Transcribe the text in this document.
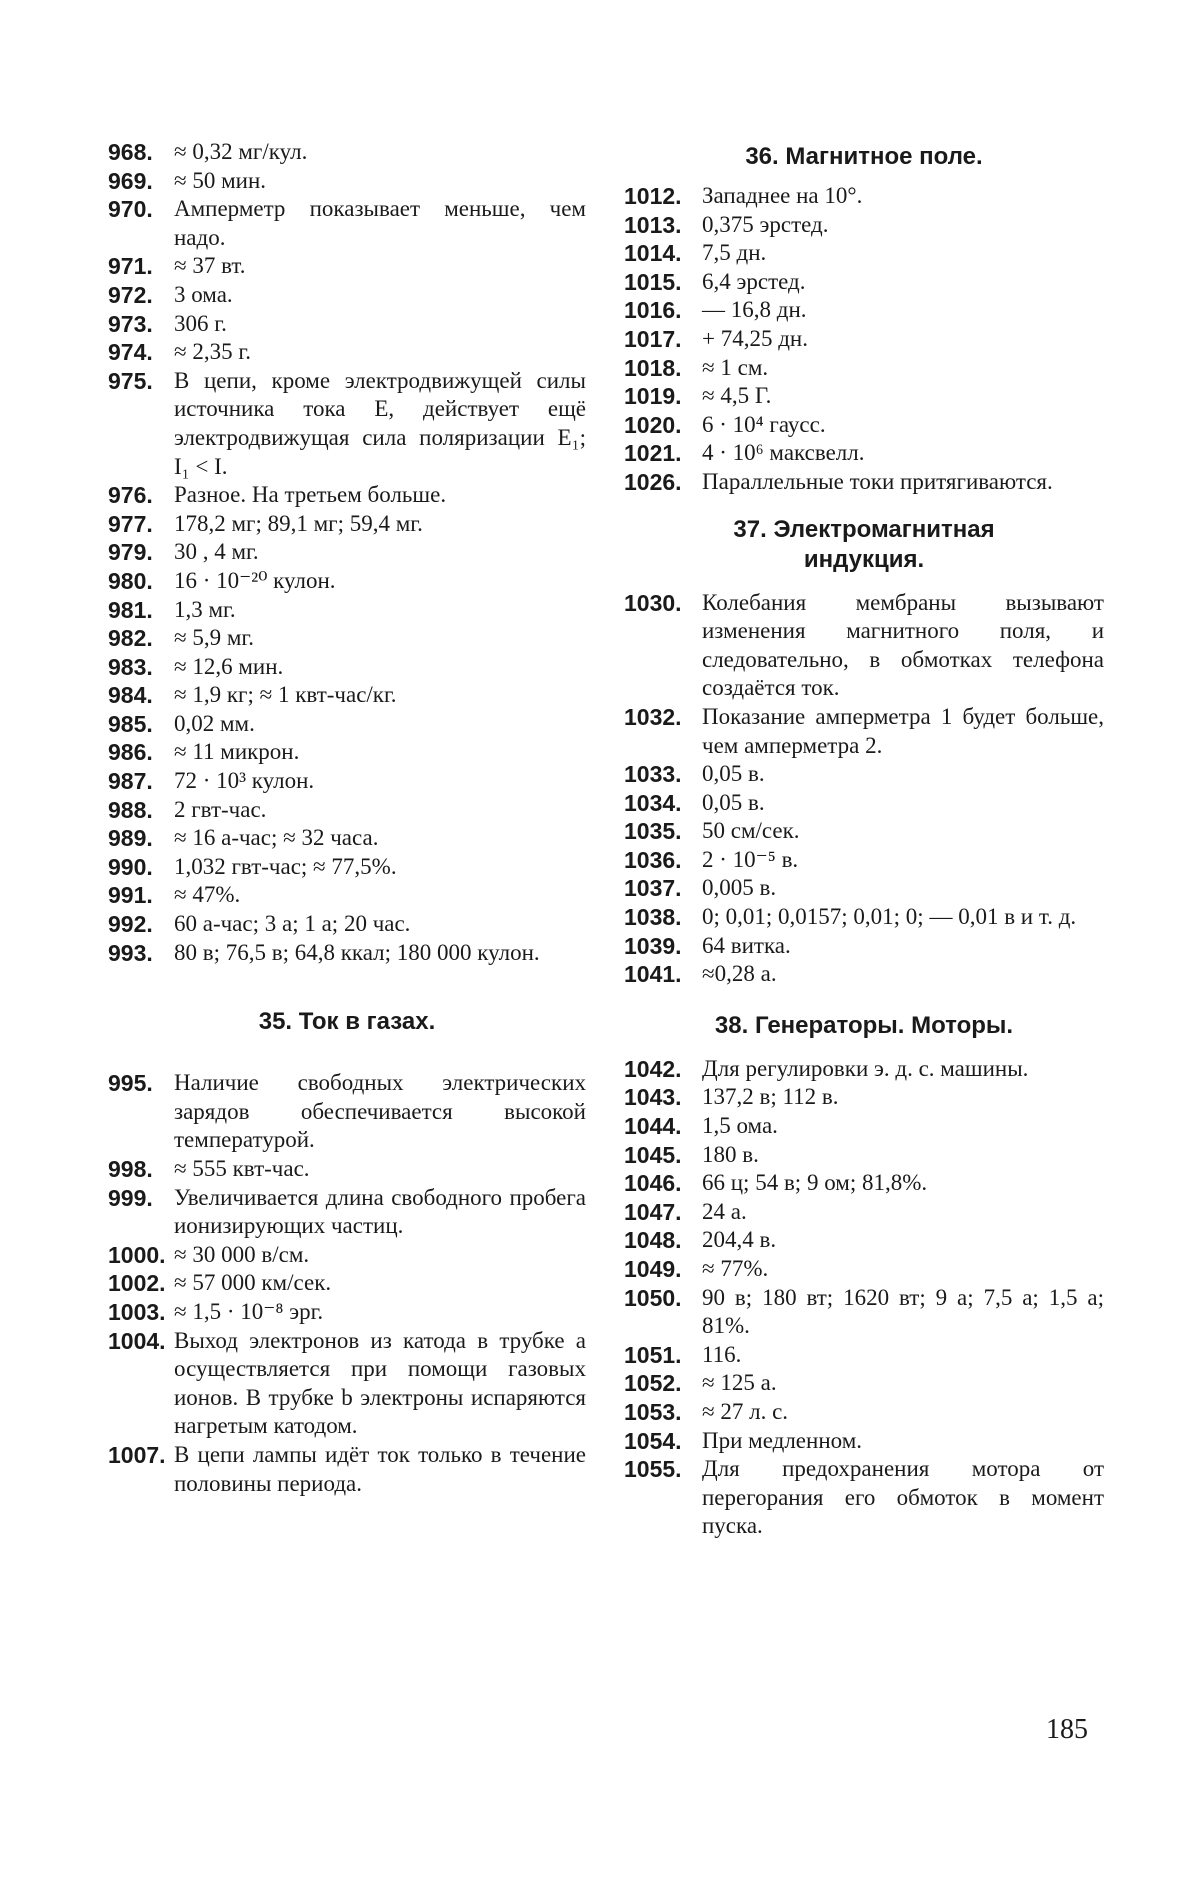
968. ≈ 0,32 мг/кул.
969. ≈ 50 мин.
970. Амперметр показывает меньше, чем надо.
971. ≈ 37 вт.
972. 3 ома.
973. 306 г.
974. ≈ 2,35 г.
975. В цепи, кроме электродвижущей силы источника тока E, действует ещё электродвижущая сила поляризации E₁; I₁ < I.
976. Разное. На третьем больше.
977. 178,2 мг; 89,1 мг; 59,4 мг.
979. 30 , 4 мг.
980. 16 · 10⁻²⁰ кулон.
981. 1,3 мг.
982. ≈ 5,9 мг.
983. ≈ 12,6 мин.
984. ≈ 1,9 кг; ≈ 1 квт-час/кг.
985. 0,02 мм.
986. ≈ 11 микрон.
987. 72 · 10³ кулон.
988. 2 гвт-час.
989. ≈ 16 а-час; ≈ 32 часа.
990. 1,032 гвт-час; ≈ 77,5%.
991. ≈ 47%.
992. 60 а-час; 3 а; 1 а; 20 час.
993. 80 в; 76,5 в; 64,8 ккал; 180 000 кулон.
35. Ток в газах.
995. Наличие свободных электрических зарядов обеспечивается высокой температурой.
998. ≈ 555 квт-час.
999. Увеличивается длина свободного пробега ионизирующих частиц.
1000. ≈ 30 000 в/см.
1002. ≈ 57 000 км/сек.
1003. ≈ 1,5 · 10⁻⁸ эрг.
1004. Выход электронов из катода в трубке a осуществляется при помощи газовых ионов. В трубке b электроны испаряются нагретым катодом.
1007. В цепи лампы идёт ток только в течение половины периода.
36. Магнитное поле.
1012. Западнее на 10°.
1013. 0,375 эрстед.
1014. 7,5 дн.
1015. 6,4 эрстед.
1016. — 16,8 дн.
1017. + 74,25 дн.
1018. ≈ 1 см.
1019. ≈ 4,5 Г.
1020. 6 · 10⁴ гаусс.
1021. 4 · 10⁶ максвелл.
1026. Параллельные токи притягиваются.
37. Электромагнитная
индукция.
1030. Колебания мембраны вызывают изменения магнитного поля, и следовательно, в обмотках телефона создаётся ток.
1032. Показание амперметра 1 будет больше, чем амперметра 2.
1033. 0,05 в.
1034. 0,05 в.
1035. 50 см/сек.
1036. 2 · 10⁻⁵ в.
1037. 0,005 в.
1038. 0; 0,01; 0,0157; 0,01; 0; — 0,01 в и т. д.
1039. 64 витка.
1041. ≈0,28 а.
38. Генераторы. Моторы.
1042. Для регулировки э. д. с. машины.
1043. 137,2 в; 112 в.
1044. 1,5 ома.
1045. 180 в.
1046. 66 ц; 54 в; 9 ом; 81,8%.
1047. 24 а.
1048. 204,4 в.
1049. ≈ 77%.
1050. 90 в; 180 вт; 1620 вт; 9 а; 7,5 а; 1,5 а; 81%.
1051. 116.
1052. ≈ 125 а.
1053. ≈ 27 л. с.
1054. При медленном.
1055. Для предохранения мотора от перегорания его обмоток в момент пуска.
185
